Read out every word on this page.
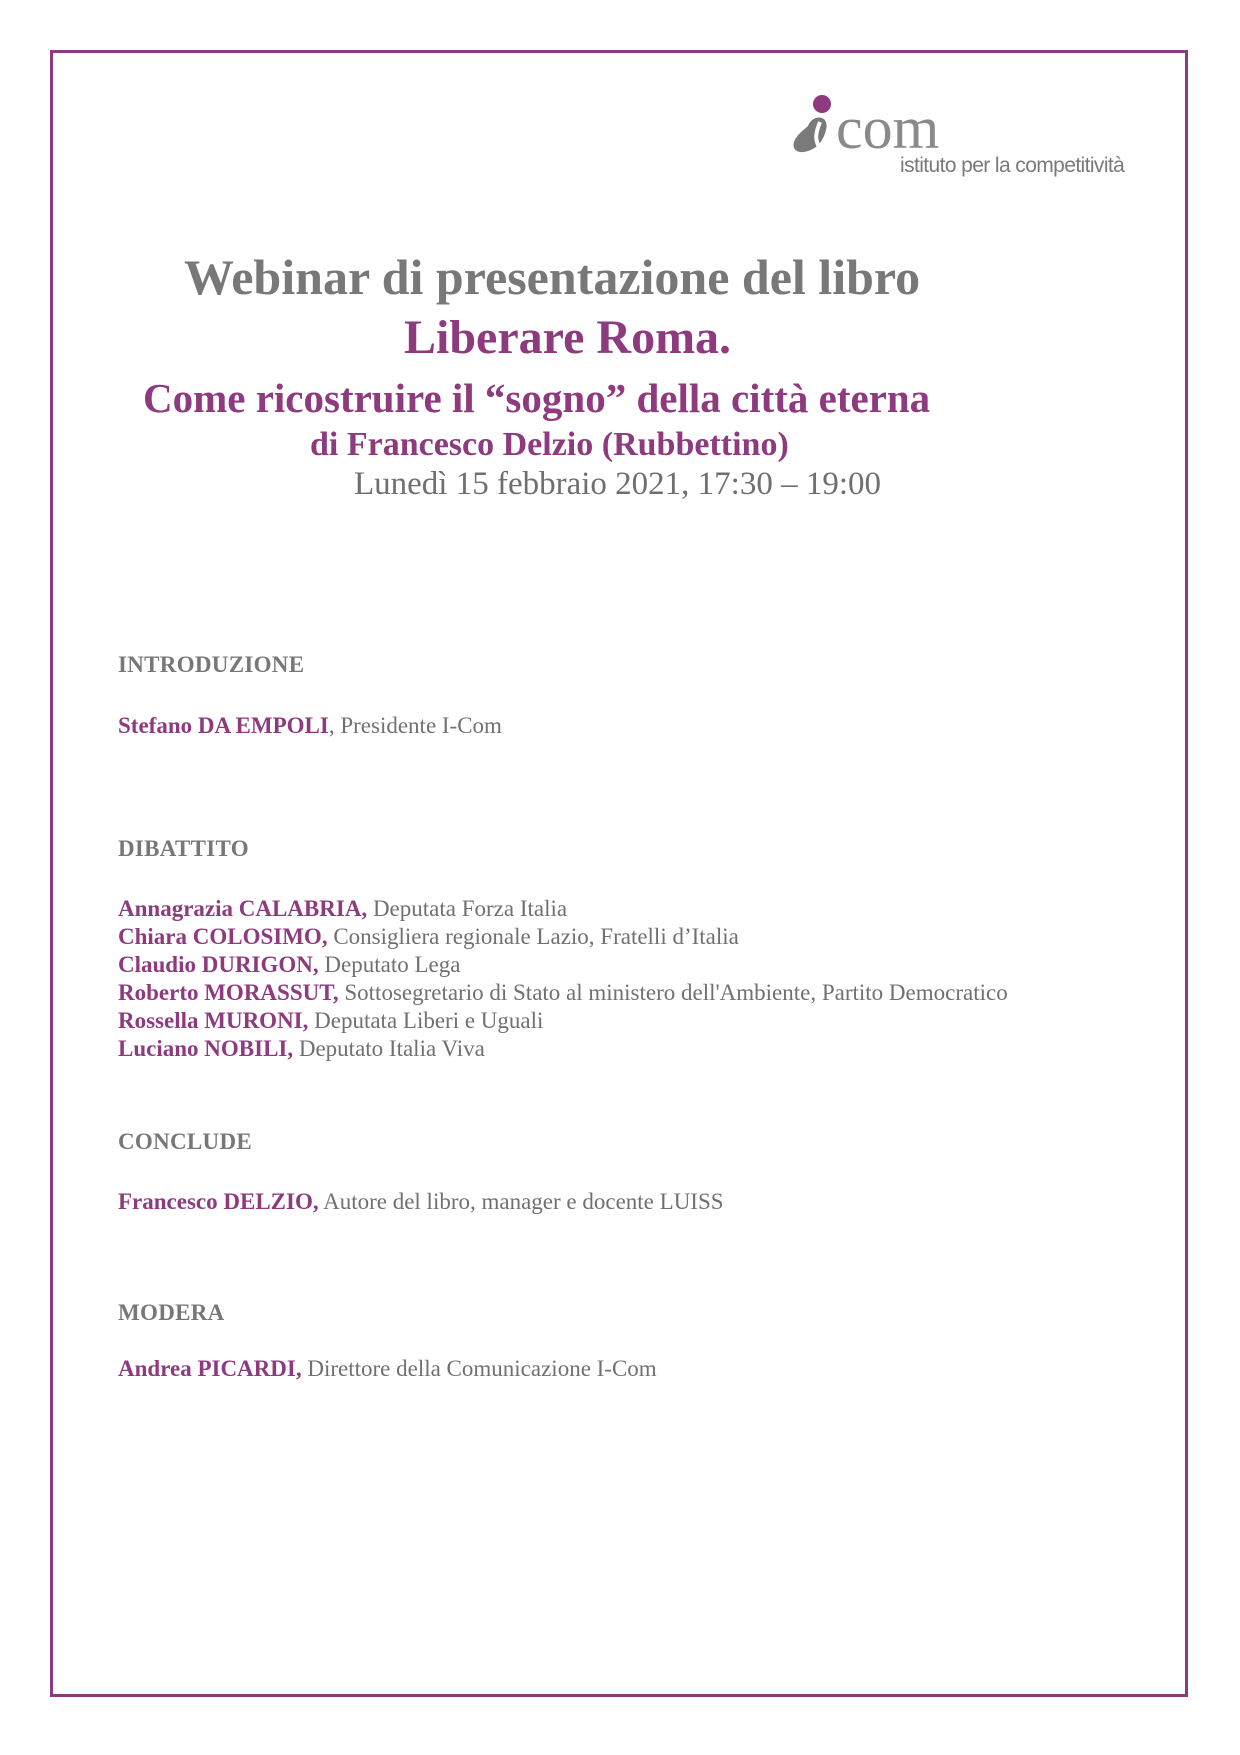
com
istituto per la competitività
Webinar di presentazione del libro
Liberare Roma.
Come ricostruire il “sogno” della città eterna
di Francesco Delzio (Rubbettino)
Lunedì 15 febbraio 2021, 17:30 – 19:00
INTRODUZIONE
Stefano DA EMPOLI, Presidente I-Com
DIBATTITO
Annagrazia CALABRIA, Deputata Forza Italia
Chiara COLOSIMO, Consigliera regionale Lazio, Fratelli d’Italia
Claudio DURIGON, Deputato Lega
Roberto MORASSUT, Sottosegretario di Stato al ministero dell'Ambiente, Partito Democratico
Rossella MURONI, Deputata Liberi e Uguali
Luciano NOBILI, Deputato Italia Viva
CONCLUDE
Francesco DELZIO, Autore del libro, manager e docente LUISS
MODERA
Andrea PICARDI, Direttore della Comunicazione I-Com
